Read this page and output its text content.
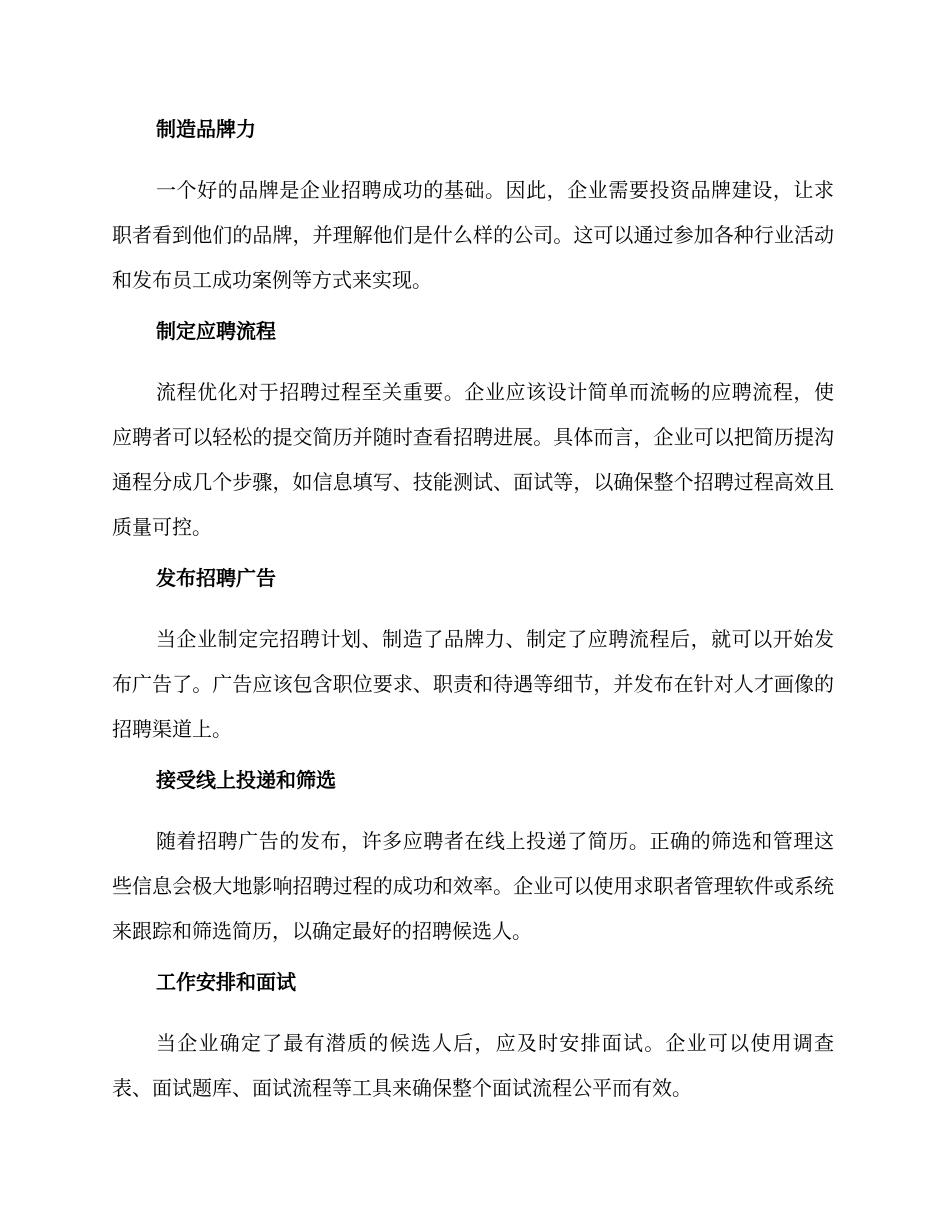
制造品牌力

一个好的品牌是企业招聘成功的基础。因此，企业需要投资品牌建设，让求职者看到他们的品牌，并理解他们是什么样的公司。这可以通过参加各种行业活动和发布员工成功案例等方式来实现。

制定应聘流程

流程优化对于招聘过程至关重要。企业应该设计简单而流畅的应聘流程，使应聘者可以轻松的提交简历并随时查看招聘进展。具体而言，企业可以把简历提沟通程分成几个步骤，如信息填写、技能测试、面试等，以确保整个招聘过程高效且质量可控。

发布招聘广告

当企业制定完招聘计划、制造了品牌力、制定了应聘流程后，就可以开始发布广告了。广告应该包含职位要求、职责和待遇等细节，并发布在针对人才画像的招聘渠道上。

接受线上投递和筛选

随着招聘广告的发布，许多应聘者在线上投递了简历。正确的筛选和管理这些信息会极大地影响招聘过程的成功和效率。企业可以使用求职者管理软件或系统来跟踪和筛选简历，以确定最好的招聘候选人。

工作安排和面试

当企业确定了最有潜质的候选人后，应及时安排面试。企业可以使用调查表、面试题库、面试流程等工具来确保整个面试流程公平而有效。
